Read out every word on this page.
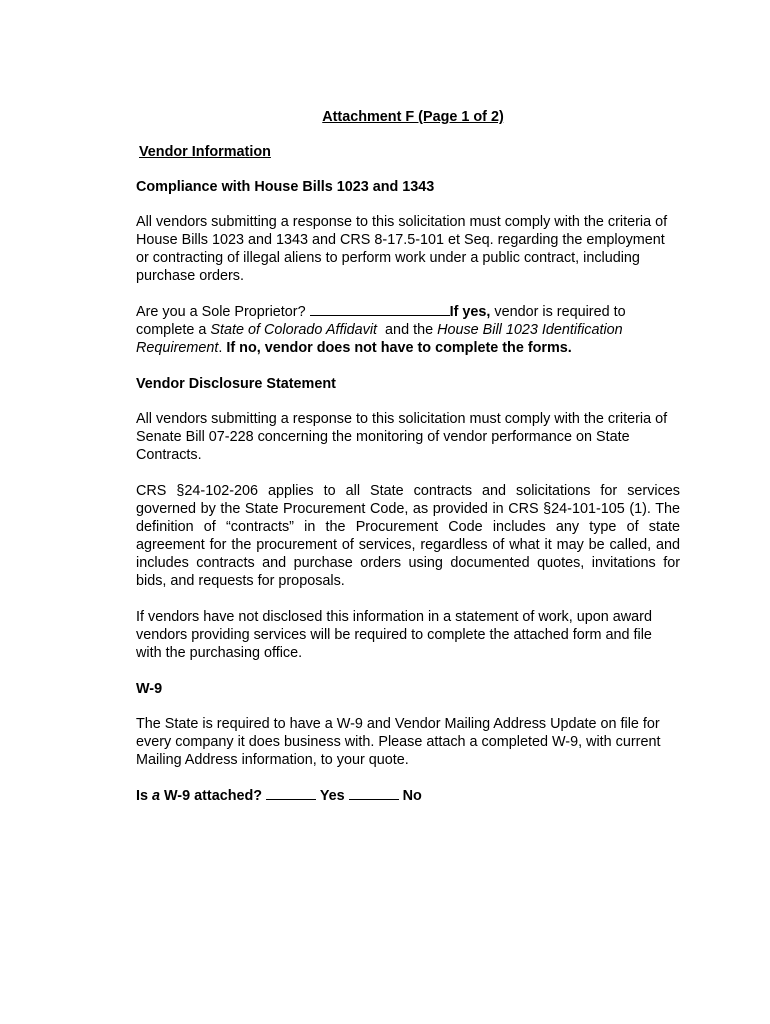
Attachment F (Page 1 of 2)
Vendor Information
Compliance with House Bills 1023 and 1343

All vendors submitting a response to this solicitation must comply with the criteria of House Bills 1023 and 1343 and CRS 8-17.5-101 et Seq. regarding the employment or contracting of illegal aliens to perform work under a public contract, including purchase orders.

Are you a Sole Proprietor?	If yes, vendor is required to complete a State of Colorado Affidavit  and the House Bill 1023 Identification Requirement. If no, vendor does not have to complete the forms.

Vendor Disclosure Statement

All vendors submitting a response to this solicitation must comply with the criteria of Senate Bill 07-228 concerning the monitoring of vendor performance on State Contracts.

CRS §24-102-206 applies to all State contracts and solicitations for services governed by the State Procurement Code, as provided in CRS §24-101-105 (1). The definition of “contracts” in the Procurement Code includes any type of state agreement for the procurement of services, regardless of what it may be called, and includes contracts and purchase orders using documented quotes, invitations for bids, and requests for proposals.

If vendors have not disclosed this information in a statement of work, upon award vendors providing services will be required to complete the attached form and file with the purchasing office.

W-9

The State is required to have a W-9 and Vendor Mailing Address Update on file for every company it does business with. Please attach a completed W-9, with current Mailing Address information, to your quote.

Is a W-9 attached?	Yes	No
